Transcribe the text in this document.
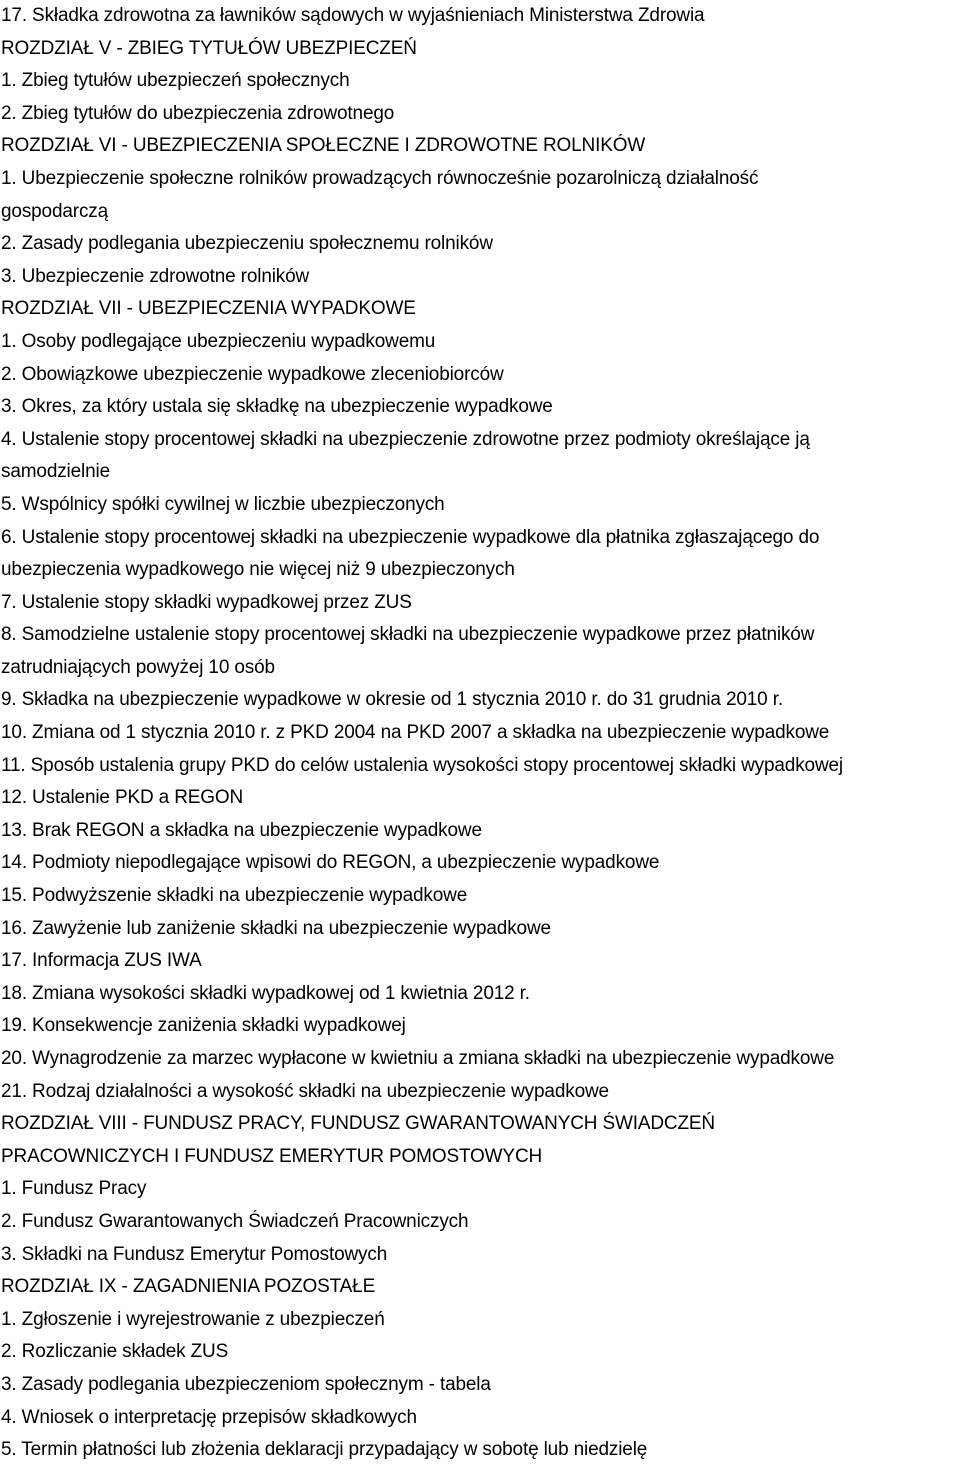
17. Składka zdrowotna za ławników sądowych w wyjaśnieniach Ministerstwa Zdrowia
ROZDZIAŁ V - ZBIEG TYTUŁÓW UBEZPIECZEŃ
1. Zbieg tytułów ubezpieczeń społecznych
2. Zbieg tytułów do ubezpieczenia zdrowotnego
ROZDZIAŁ VI - UBEZPIECZENIA SPOŁECZNE I ZDROWOTNE ROLNIKÓW
1. Ubezpieczenie społeczne rolników prowadzących równocześnie pozarolniczą działalność
gospodarczą
2. Zasady podlegania ubezpieczeniu społecznemu rolników
3. Ubezpieczenie zdrowotne rolników
ROZDZIAŁ VII - UBEZPIECZENIA WYPADKOWE
1. Osoby podlegające ubezpieczeniu wypadkowemu
2. Obowiązkowe ubezpieczenie wypadkowe zleceniobiorców
3. Okres, za który ustala się składkę na ubezpieczenie wypadkowe
4. Ustalenie stopy procentowej składki na ubezpieczenie zdrowotne przez podmioty określające ją
samodzielnie
5. Wspólnicy spółki cywilnej w liczbie ubezpieczonych
6. Ustalenie stopy procentowej składki na ubezpieczenie wypadkowe dla płatnika zgłaszającego do
ubezpieczenia wypadkowego nie więcej niż 9 ubezpieczonych
7. Ustalenie stopy składki wypadkowej przez ZUS
8. Samodzielne ustalenie stopy procentowej składki na ubezpieczenie wypadkowe przez płatników
zatrudniających powyżej 10 osób
9. Składka na ubezpieczenie wypadkowe w okresie od 1 stycznia 2010 r. do 31 grudnia 2010 r.
10. Zmiana od 1 stycznia 2010 r. z PKD 2004 na PKD 2007 a składka na ubezpieczenie wypadkowe
11. Sposób ustalenia grupy PKD do celów ustalenia wysokości stopy procentowej składki wypadkowej
12. Ustalenie PKD a REGON
13. Brak REGON a składka na ubezpieczenie wypadkowe
14. Podmioty niepodlegające wpisowi do REGON, a ubezpieczenie wypadkowe
15. Podwyższenie składki na ubezpieczenie wypadkowe
16. Zawyżenie lub zaniżenie składki na ubezpieczenie wypadkowe
17. Informacja ZUS IWA
18. Zmiana wysokości składki wypadkowej od 1 kwietnia 2012 r.
19. Konsekwencje zaniżenia składki wypadkowej
20. Wynagrodzenie za marzec wypłacone w kwietniu a zmiana składki na ubezpieczenie wypadkowe
21. Rodzaj działalności a wysokość składki na ubezpieczenie wypadkowe
ROZDZIAŁ VIII - FUNDUSZ PRACY, FUNDUSZ GWARANTOWANYCH ŚWIADCZEŃ
PRACOWNICZYCH I FUNDUSZ EMERYTUR POMOSTOWYCH
1. Fundusz Pracy
2. Fundusz Gwarantowanych Świadczeń Pracowniczych
3. Składki na Fundusz Emerytur Pomostowych
ROZDZIAŁ IX - ZAGADNIENIA POZOSTAŁE
1. Zgłoszenie i wyrejestrowanie z ubezpieczeń
2. Rozliczanie składek ZUS
3. Zasady podlegania ubezpieczeniom społecznym - tabela
4. Wniosek o interpretację przepisów składkowych
5. Termin płatności lub złożenia deklaracji przypadający w sobotę lub niedzielę
